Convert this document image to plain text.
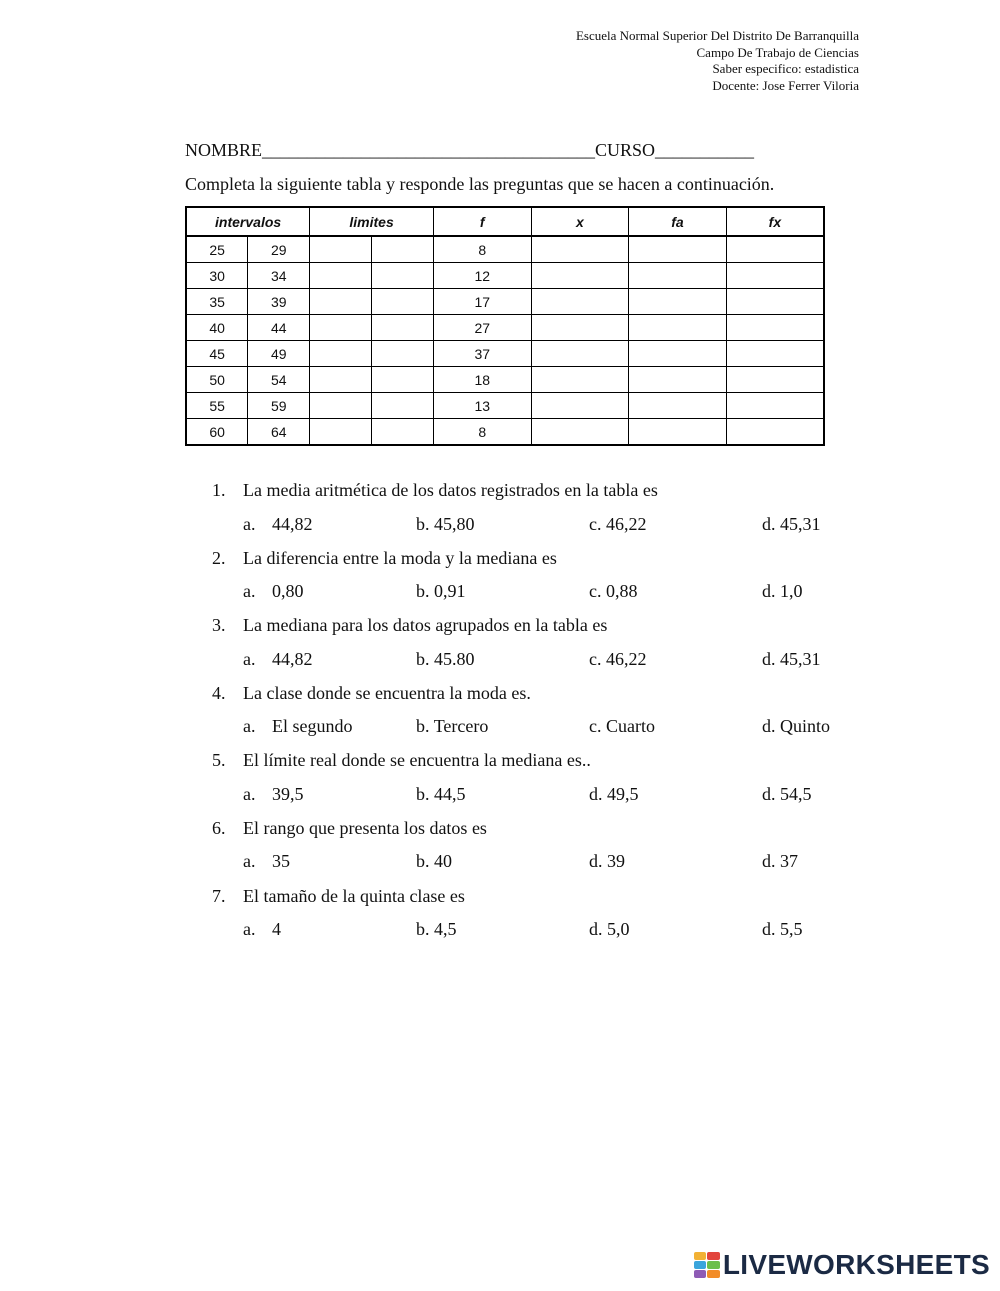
Escuela Normal Superior Del Distrito De Barranquilla
Campo De Trabajo de Ciencias
Saber especifico: estadistica
Docente: Jose Ferrer Viloria
NOMBRE_____________________________________CURSO___________
Completa la siguiente tabla y responde las preguntas que se hacen a continuación.
intervalos		limites		f	x	fa	fx
25	29			8			
30	34			12			
35	39			17			
40	44			27			
45	49			37			
50	54			18			
55	59			13			
60	64			8			
1. La media aritmética de los datos registrados en la tabla es
a. 44,82	b. 45,80	c. 46,22	d. 45,31
2. La diferencia entre la moda y la mediana es
a. 0,80	b. 0,91	c. 0,88	d. 1,0
3. La mediana para los datos agrupados en la tabla es
a. 44,82	b. 45.80	c. 46,22	d. 45,31
4. La clase donde se encuentra la moda es.
a. El segundo	b. Tercero	c. Cuarto	d. Quinto
5. El límite real donde se encuentra la mediana es..
a. 39,5	b. 44,5	d. 49,5	d. 54,5
6. El rango que presenta los datos es
a. 35	b. 40	d. 39	d. 37
7. El tamaño de la quinta clase es
a. 4	b. 4,5	d. 5,0	d. 5,5
LIVEWORKSHEETS
